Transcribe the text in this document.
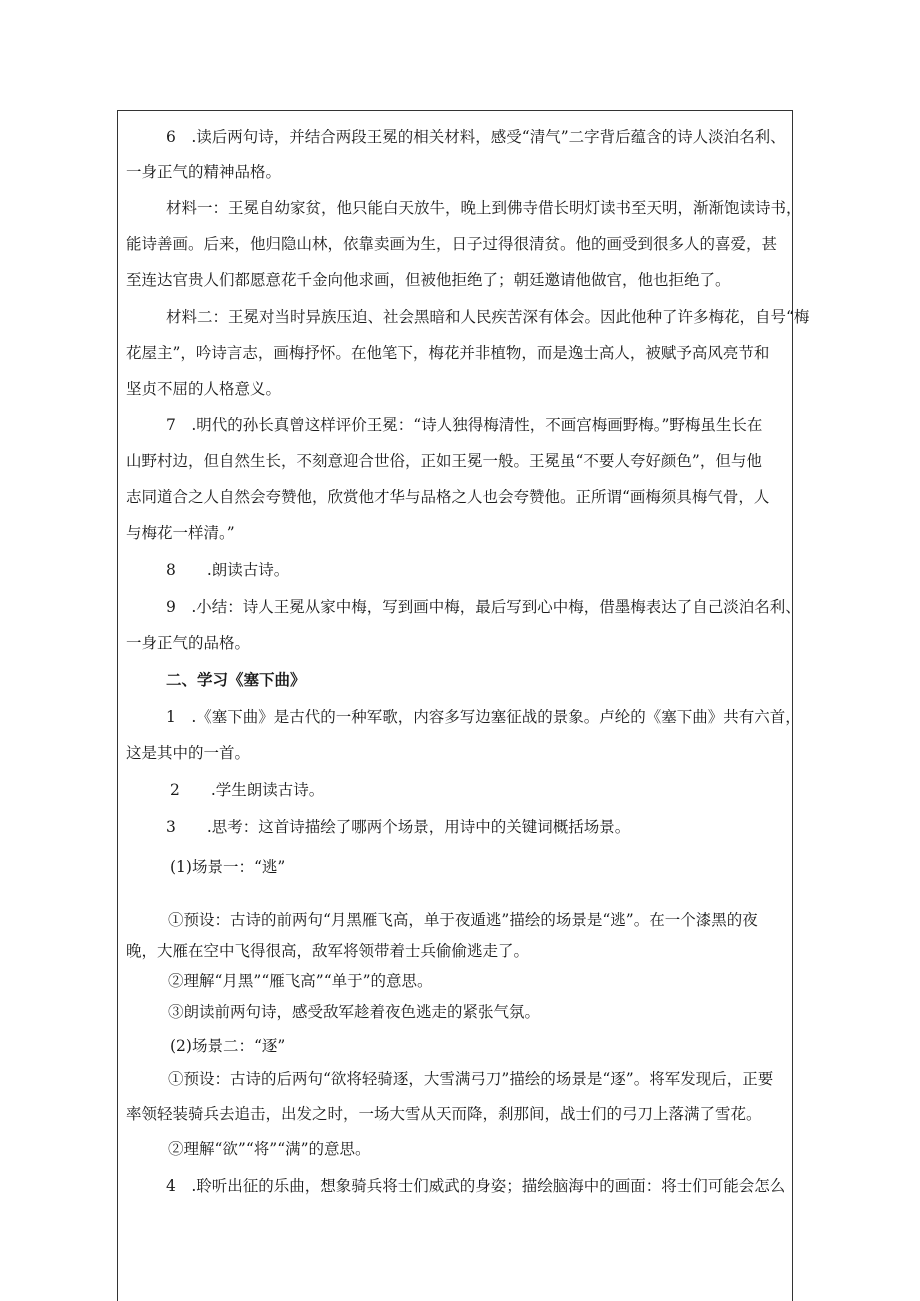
6　.读后两句诗，并结合两段王冕的相关材料，感受“清气”二字背后蕴含的诗人淡泊名利、
一身正气的精神品格。
材料一：王冕自幼家贫，他只能白天放牛，晚上到佛寺借长明灯读书至天明，渐渐饱读诗书，
能诗善画。后来，他归隐山林，依靠卖画为生，日子过得很清贫。他的画受到很多人的喜爱，甚
至连达官贵人们都愿意花千金向他求画，但被他拒绝了；朝廷邀请他做官，他也拒绝了。
材料二：王冕对当时异族压迫、社会黑暗和人民疾苦深有体会。因此他种了许多梅花，自号“梅
花屋主”，吟诗言志，画梅抒怀。在他笔下，梅花并非植物，而是逸士高人，被赋予高风亮节和
坚贞不屈的人格意义。
7　.明代的孙长真曾这样评价王冕：“诗人独得梅清性，不画宫梅画野梅。”野梅虽生长在
山野村边，但自然生长，不刻意迎合世俗，正如王冕一般。王冕虽“不要人夸好颜色”，但与他
志同道合之人自然会夸赞他，欣赏他才华与品格之人也会夸赞他。正所谓“画梅须具梅气骨，人
与梅花一样清。”
8　　.朗读古诗。
9　.小结：诗人王冕从家中梅，写到画中梅，最后写到心中梅，借墨梅表达了自己淡泊名利、
一身正气的品格。
二、学习《塞下曲》
1　.《塞下曲》是古代的一种军歌，内容多写边塞征战的景象。卢纶的《塞下曲》共有六首，
这是其中的一首。
2　　.学生朗读古诗。
3　　.思考：这首诗描绘了哪两个场景，用诗中的关键词概括场景。
(1)场景一：“逃”
①预设：古诗的前两句“月黑雁飞高，单于夜遁逃”描绘的场景是“逃”。在一个漆黑的夜
晚，大雁在空中飞得很高，敌军将领带着士兵偷偷逃走了。
②理解“月黑”“雁飞高”“单于”的意思。
③朗读前两句诗，感受敌军趁着夜色逃走的紧张气氛。
(2)场景二：“逐”
①预设：古诗的后两句“欲将轻骑逐，大雪满弓刀”描绘的场景是“逐”。将军发现后，正要
率领轻装骑兵去追击，出发之时，一场大雪从天而降，刹那间，战士们的弓刀上落满了雪花。
②理解“欲”“将”“满”的意思。
4　.聆听出征的乐曲，想象骑兵将士们威武的身姿；描绘脑海中的画面：将士们可能会怎么
